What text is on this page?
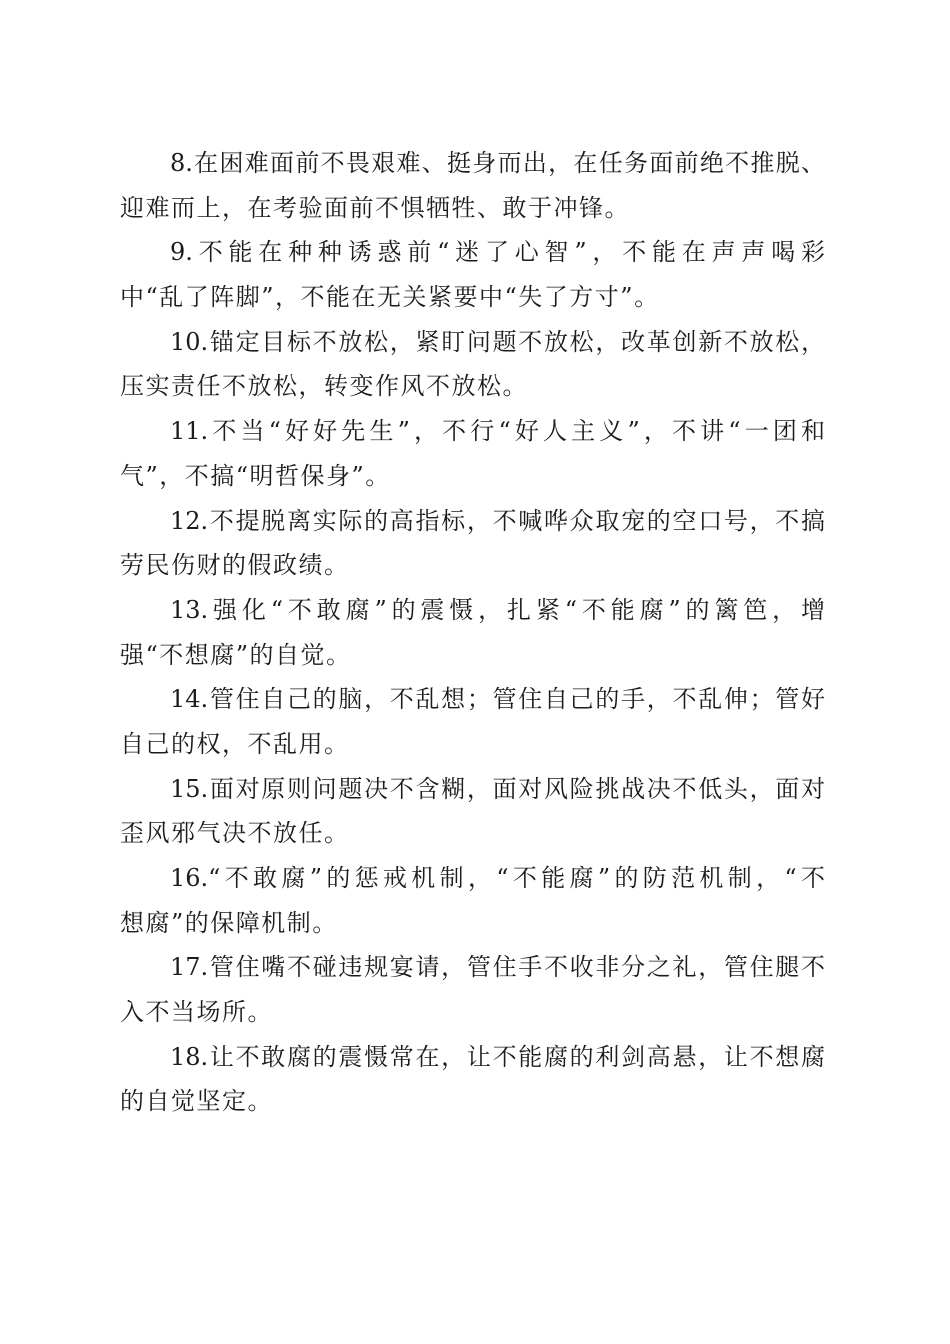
8.在困难面前不畏艰难、挺身而出，在任务面前绝不推脱、
迎难而上，在考验面前不惧牺牲、敢于冲锋。
9.不能在种种诱惑前“迷了心智”，不能在声声喝彩
中“乱了阵脚”，不能在无关紧要中“失了方寸”。
10.锚定目标不放松，紧盯问题不放松，改革创新不放松，
压实责任不放松，转变作风不放松。
11.不当“好好先生”，不行“好人主义”，不讲“一团和
气”，不搞“明哲保身”。
12.不提脱离实际的高指标，不喊哗众取宠的空口号，不搞
劳民伤财的假政绩。
13.强化“不敢腐”的震慑，扎紧“不能腐”的篱笆，增
强“不想腐”的自觉。
14.管住自己的脑，不乱想；管住自己的手，不乱伸；管好
自己的权，不乱用。
15.面对原则问题决不含糊，面对风险挑战决不低头，面对
歪风邪气决不放任。
16.“不敢腐”的惩戒机制，“不能腐”的防范机制，“不
想腐”的保障机制。
17.管住嘴不碰违规宴请，管住手不收非分之礼，管住腿不
入不当场所。
18.让不敢腐的震慑常在，让不能腐的利剑高悬，让不想腐
的自觉坚定。
